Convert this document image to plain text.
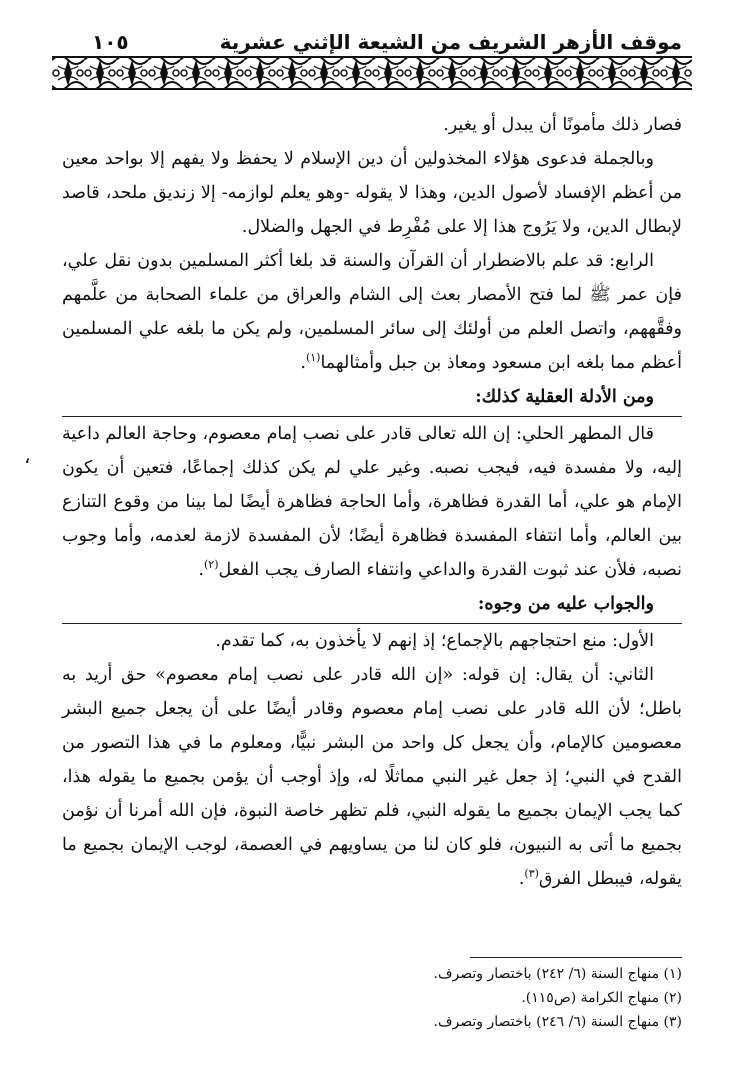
١٠٥	موقف الأزهر الشريف من الشيعة الإثني عشرية

فصار ذلك مأمونًا أن يبدل أو يغير.

وبالجملة فدعوى هؤلاء المخذولين أن دين الإسلام لا يحفظ ولا يفهم إلا بواحد معين من أعظم الإفساد لأصول الدين، وهذا لا يقوله -وهو يعلم لوازمه- إلا زنديق ملحد، قاصد لإبطال الدين، ولا يَرُوج هذا إلا على مُفْرِط في الجهل والضلال.

الرابع: قد علم بالاضطرار أن القرآن والسنة قد بلغا أكثر المسلمين بدون نقل علي، فإن عمر ﷺ لما فتح الأمصار بعث إلى الشام والعراق من علماء الصحابة من علَّمهم وفقَّههم، واتصل العلم من أولئك إلى سائر المسلمين، ولم يكن ما بلغه علي المسلمين أعظم مما بلغه ابن مسعود ومعاذ بن جبل وأمثالهما$^{(١)}$.

ومن الأدلة العقلية كذلك:

قال المطهر الحلي: إن الله تعالى قادر على نصب إمام معصوم، وحاجة العالم داعية إليه، ولا مفسدة فيه، فيجب نصبه. وغير علي لم يكن كذلك إجماعًا، فتعين أن يكون الإمام هو علي، أما القدرة فظاهرة، وأما الحاجة فظاهرة أيضًا لما بينا من وقوع التنازع بين العالم، وأما انتفاء المفسدة فظاهرة أيضًا؛ لأن المفسدة لازمة لعدمه، وأما وجوب نصبه، فلأن عند ثبوت القدرة والداعي وانتفاء الصارف يجب الفعل$^{(٢)}$.

والجواب عليه من وجوه:

الأول: منع احتجاجهم بالإجماع؛ إذ إنهم لا يأخذون به، كما تقدم.

الثاني: أن يقال: إن قوله: «إن الله قادر على نصب إمام معصوم» حق أريد به باطل؛ لأن الله قادر على نصب إمام معصوم وقادر أيضًا على أن يجعل جميع البشر معصومين كالإمام، وأن يجعل كل واحد من البشر نبيًّا، ومعلوم ما في هذا التصور من القدح في النبي؛ إذ جعل غير النبي مماثلًا له، وإذ أوجب أن يؤمن بجميع ما يقوله هذا، كما يجب الإيمان بجميع ما يقوله النبي، فلم تظهر خاصة النبوة، فإن الله أمرنا أن نؤمن بجميع ما أتى به النبيون، فلو كان لنا من يساويهم في العصمة، لوجب الإيمان بجميع ما يقوله، فيبطل الفرق$^{(٣)}$.

،
(١) منهاج السنة (٦/ ٢٤٢) باختصار وتصرف.
(٢) منهاج الكرامة (ص١١٥).
(٣) منهاج السنة (٦/ ٢٤٦) باختصار وتصرف.
